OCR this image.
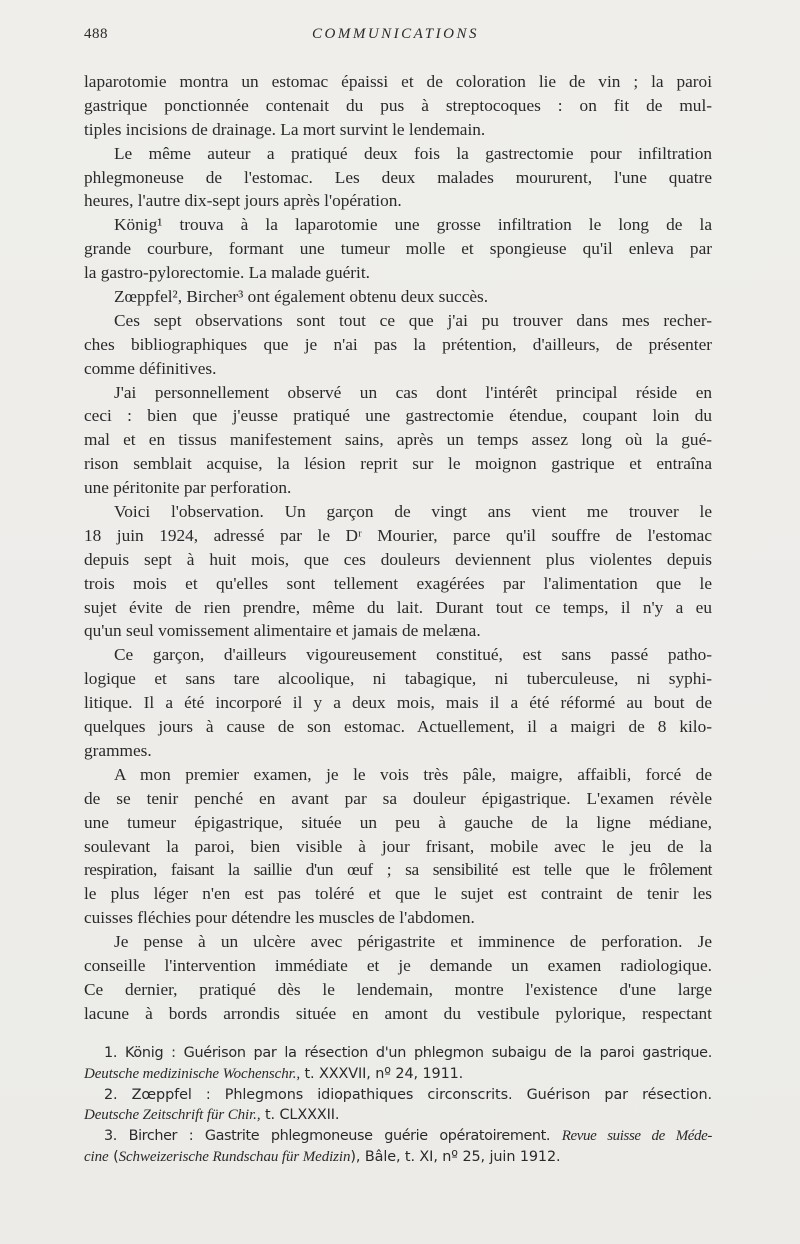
488	COMMUNICATIONS
laparotomie montra un estomac épaissi et de coloration lie de vin ; la paroi
gastrique ponctionnée contenait du pus à streptocoques : on fit de mul-
tiples incisions de drainage. La mort survint le lendemain.
Le même auteur a pratiqué deux fois la gastrectomie pour infiltration
phlegmoneuse de l'estomac. Les deux malades moururent, l'une quatre
heures, l'autre dix-sept jours après l'opération.
König¹ trouva à la laparotomie une grosse infiltration le long de la
grande courbure, formant une tumeur molle et spongieuse qu'il enleva par
la gastro-pylorectomie. La malade guérit.
Zœppfel², Bircher³ ont également obtenu deux succès.
Ces sept observations sont tout ce que j'ai pu trouver dans mes recher-
ches bibliographiques que je n'ai pas la prétention, d'ailleurs, de présenter
comme définitives.
J'ai personnellement observé un cas dont l'intérêt principal réside en
ceci : bien que j'eusse pratiqué une gastrectomie étendue, coupant loin du
mal et en tissus manifestement sains, après un temps assez long où la gué-
rison semblait acquise, la lésion reprit sur le moignon gastrique et entraîna
une péritonite par perforation.
Voici l'observation. Un garçon de vingt ans vient me trouver le
18 juin 1924, adressé par le Dʳ Mourier, parce qu'il souffre de l'estomac
depuis sept à huit mois, que ces douleurs deviennent plus violentes depuis
trois mois et qu'elles sont tellement exagérées par l'alimentation que le
sujet évite de rien prendre, même du lait. Durant tout ce temps, il n'y a eu
qu'un seul vomissement alimentaire et jamais de melæna.
Ce garçon, d'ailleurs vigoureusement constitué, est sans passé patho-
logique et sans tare alcoolique, ni tabagique, ni tuberculeuse, ni syphi-
litique. Il a été incorporé il y a deux mois, mais il a été réformé au bout de
quelques jours à cause de son estomac. Actuellement, il a maigri de 8 kilo-
grammes.
A mon premier examen, je le vois très pâle, maigre, affaibli, forcé de
de se tenir penché en avant par sa douleur épigastrique. L'examen révèle
une tumeur épigastrique, située un peu à gauche de la ligne médiane,
soulevant la paroi, bien visible à jour frisant, mobile avec le jeu de la
respiration, faisant la saillie d'un œuf ; sa sensibilité est telle que le frôlement
le plus léger n'en est pas toléré et que le sujet est contraint de tenir les
cuisses fléchies pour détendre les muscles de l'abdomen.
Je pense à un ulcère avec périgastrite et imminence de perforation. Je
conseille l'intervention immédiate et je demande un examen radiologique.
Ce dernier, pratiqué dès le lendemain, montre l'existence d'une large
lacune à bords arrondis située en amont du vestibule pylorique, respectant
1. König : Guérison par la résection d'un phlegmon subaigu de la paroi gastrique.
Deutsche medizinische Wochenschr., t. XXXVII, nº 24, 1911.
2. Zœppfel : Phlegmons idiopathiques circonscrits. Guérison par résection.
Deutsche Zeitschrift für Chir., t. CLXXXII.
3. Bircher : Gastrite phlegmoneuse guérie opératoirement. Revue suisse de Méde-
cine (Schweizerische Rundschau für Medizin), Bâle, t. XI, nº 25, juin 1912.
